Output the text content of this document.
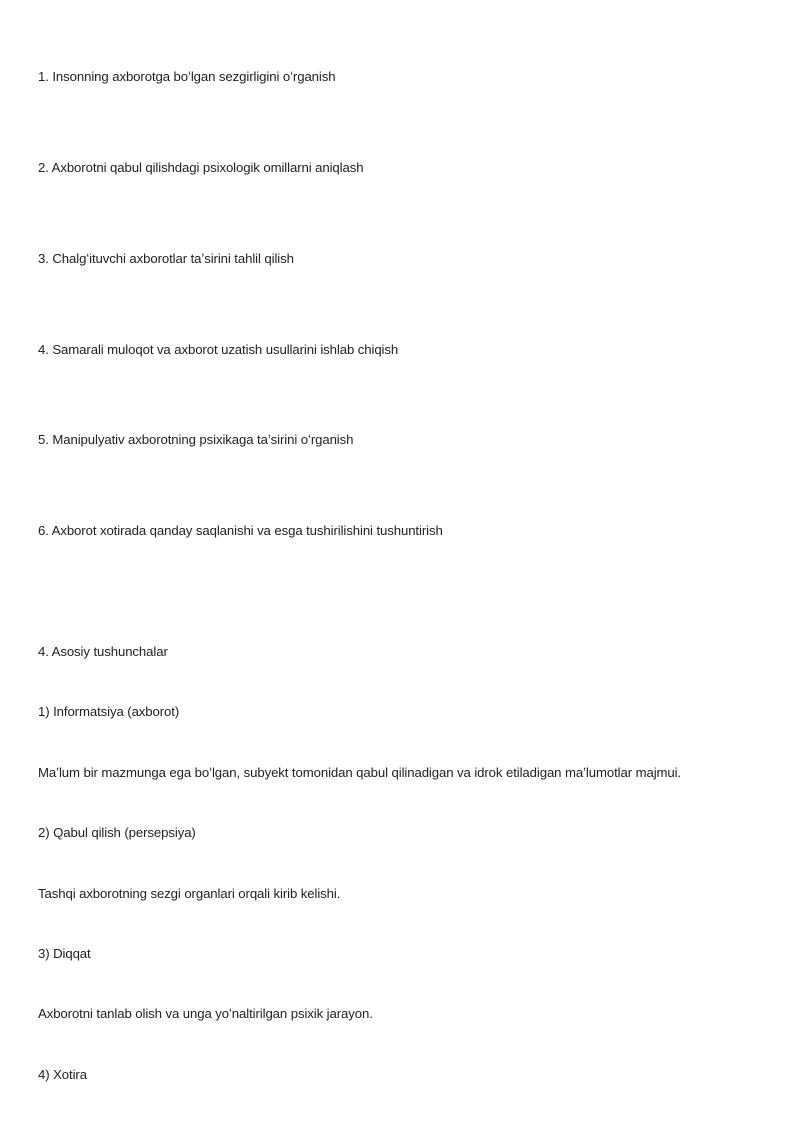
1. Insonning axborotga boʻlgan sezgirligini oʻrganish
2. Axborotni qabul qilishdagi psixologik omillarni aniqlash
3. Chalgʻituvchi axborotlar taʼsirini tahlil qilish
4. Samarali muloqot va axborot uzatish usullarini ishlab chiqish
5. Manipulyativ axborotning psixikaga taʼsirini oʻrganish
6. Axborot xotirada qanday saqlanishi va esga tushirilishini tushuntirish
4. Asosiy tushunchalar
1) Informatsiya (axborot)
Maʼlum bir mazmunga ega boʻlgan, subyekt tomonidan qabul qilinadigan va idrok etiladigan maʼlumotlar majmui.
2) Qabul qilish (persepsiya)
Tashqi axborotning sezgi organlari orqali kirib kelishi.
3) Diqqat
Axborotni tanlab olish va unga yoʻnaltirilgan psixik jarayon.
4) Xotira
